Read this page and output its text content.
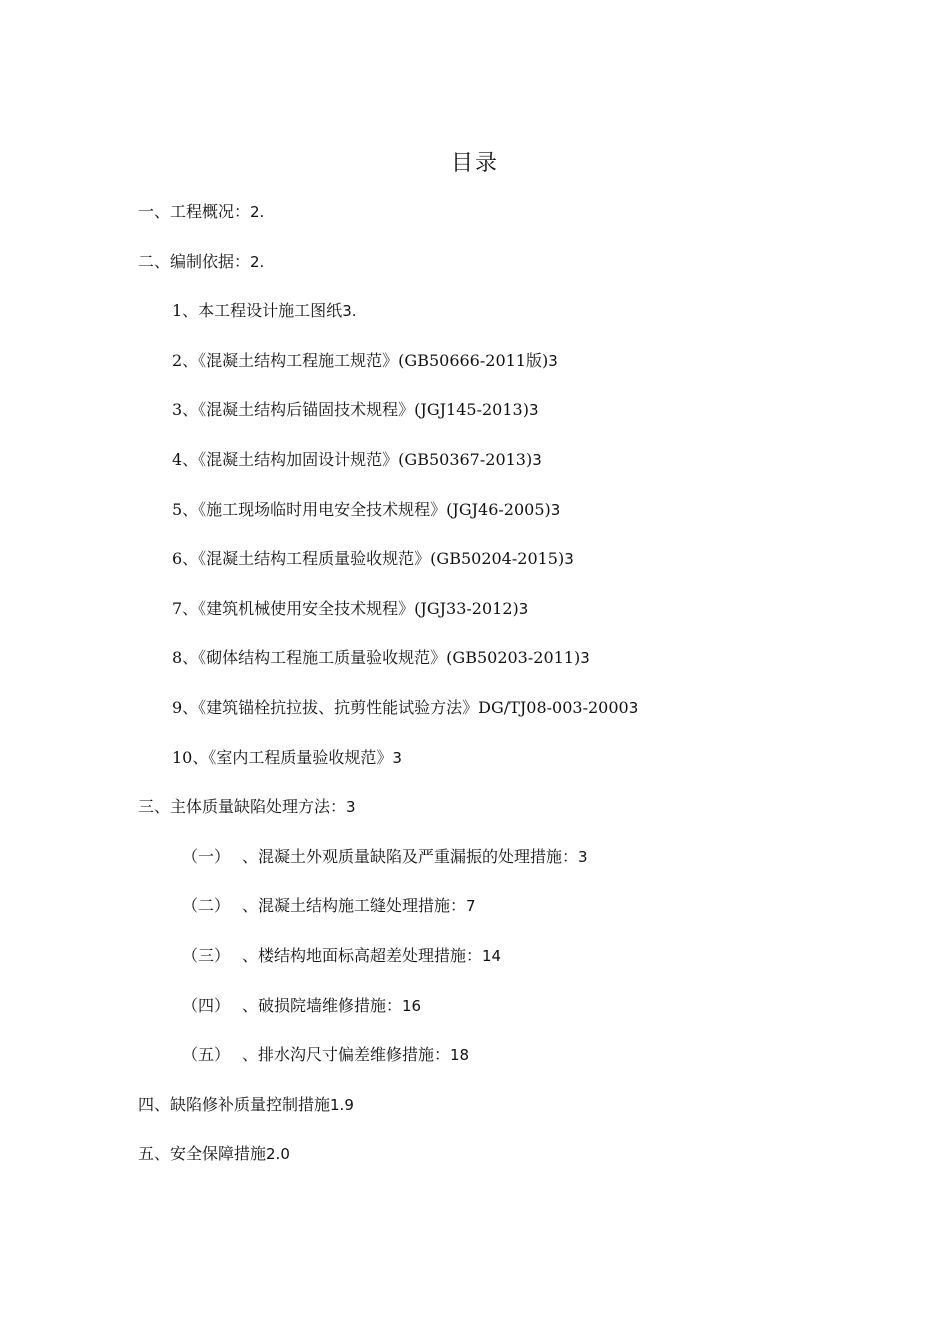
目录
一、工程概况： 2.
二、编制依据： 2.
1、本工程设计施工图纸 3.
2、《混凝土结构工程施工规范》(GB50666-2011版) 3
3、《混凝土结构后锚固技术规程》(JGJ145-2013) 3
4、《混凝土结构加固设计规范》(GB50367-2013) 3
5、《施工现场临时用电安全技术规程》(JGJ46-2005) 3
6、《混凝土结构工程质量验收规范》(GB50204-2015) 3
7、《建筑机械使用安全技术规程》(JGJ33-2012) 3
8、《砌体结构工程施工质量验收规范》(GB50203-2011) 3
9、《建筑锚栓抗拉拔、抗剪性能试验方法》DG/TJ08-003-2000 3
10、《室内工程质量验收规范》 3
三、主体质量缺陷处理方法： 3
（一） 、混凝土外观质量缺陷及严重漏振的处理措施： 3
（二） 、混凝土结构施工缝处理措施： 7
（三） 、楼结构地面标高超差处理措施： 14
（四） 、破损院墙维修措施： 16
（五） 、排水沟尺寸偏差维修措施： 18
四、缺陷修补质量控制措施 1.9
五、安全保障措施 2.0
